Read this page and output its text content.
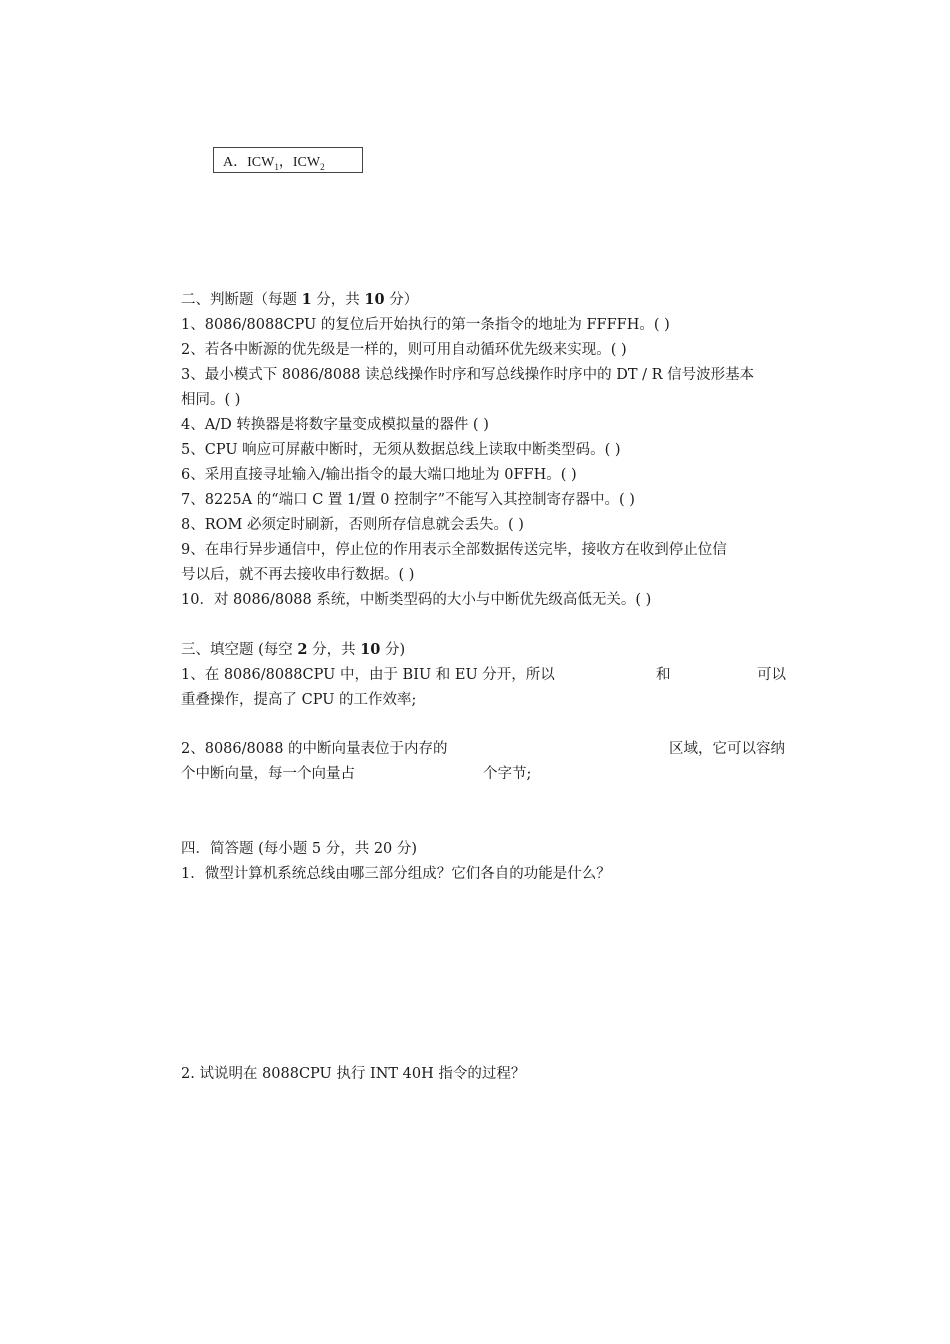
A．$ICW_1$，$ICW_2$
二、判断题（每题 1 分，共 10 分）
1、8086/8088CPU 的复位后开始执行的第一条指令的地址为 FFFFH。( )
2、若各中断源的优先级是一样的，则可用自动循环优先级来实现。( )
3、最小模式下 8086/8088 读总线操作时序和写总线操作时序中的 DT / R 信号波形基本
相同。( )
4、A/D 转换器是将数字量变成模拟量的器件 ( )
5、CPU 响应可屏蔽中断时，无须从数据总线上读取中断类型码。( )
6、采用直接寻址输入/输出指令的最大端口地址为 0FFH。( )
7、8225A 的“端口 C 置 1/置 0 控制字”不能写入其控制寄存器中。( )
8、ROM 必须定时刷新，否则所存信息就会丢失。( )
9、在串行异步通信中，停止位的作用表示全部数据传送完毕，接收方在收到停止位信
号以后，就不再去接收串行数据。( )
10．对 8086/8088 系统，中断类型码的大小与中断优先级高低无关。( )
三、填空题 (每空 2 分，共 10 分)
1、在 8086/8088CPU 中，由于 BIU 和 EU 分开，所以	和	可以
重叠操作，提高了 CPU 的工作效率;
2、8086/8088 的中断向量表位于内存的	区域，它可以容纳
个中断向量，每一个向量占	个字节;
四．简答题 (每小题 5 分，共 20 分)
1．微型计算机系统总线由哪三部分组成？它们各自的功能是什么？
2. 试说明在 8088CPU 执行 INT 40H 指令的过程？
